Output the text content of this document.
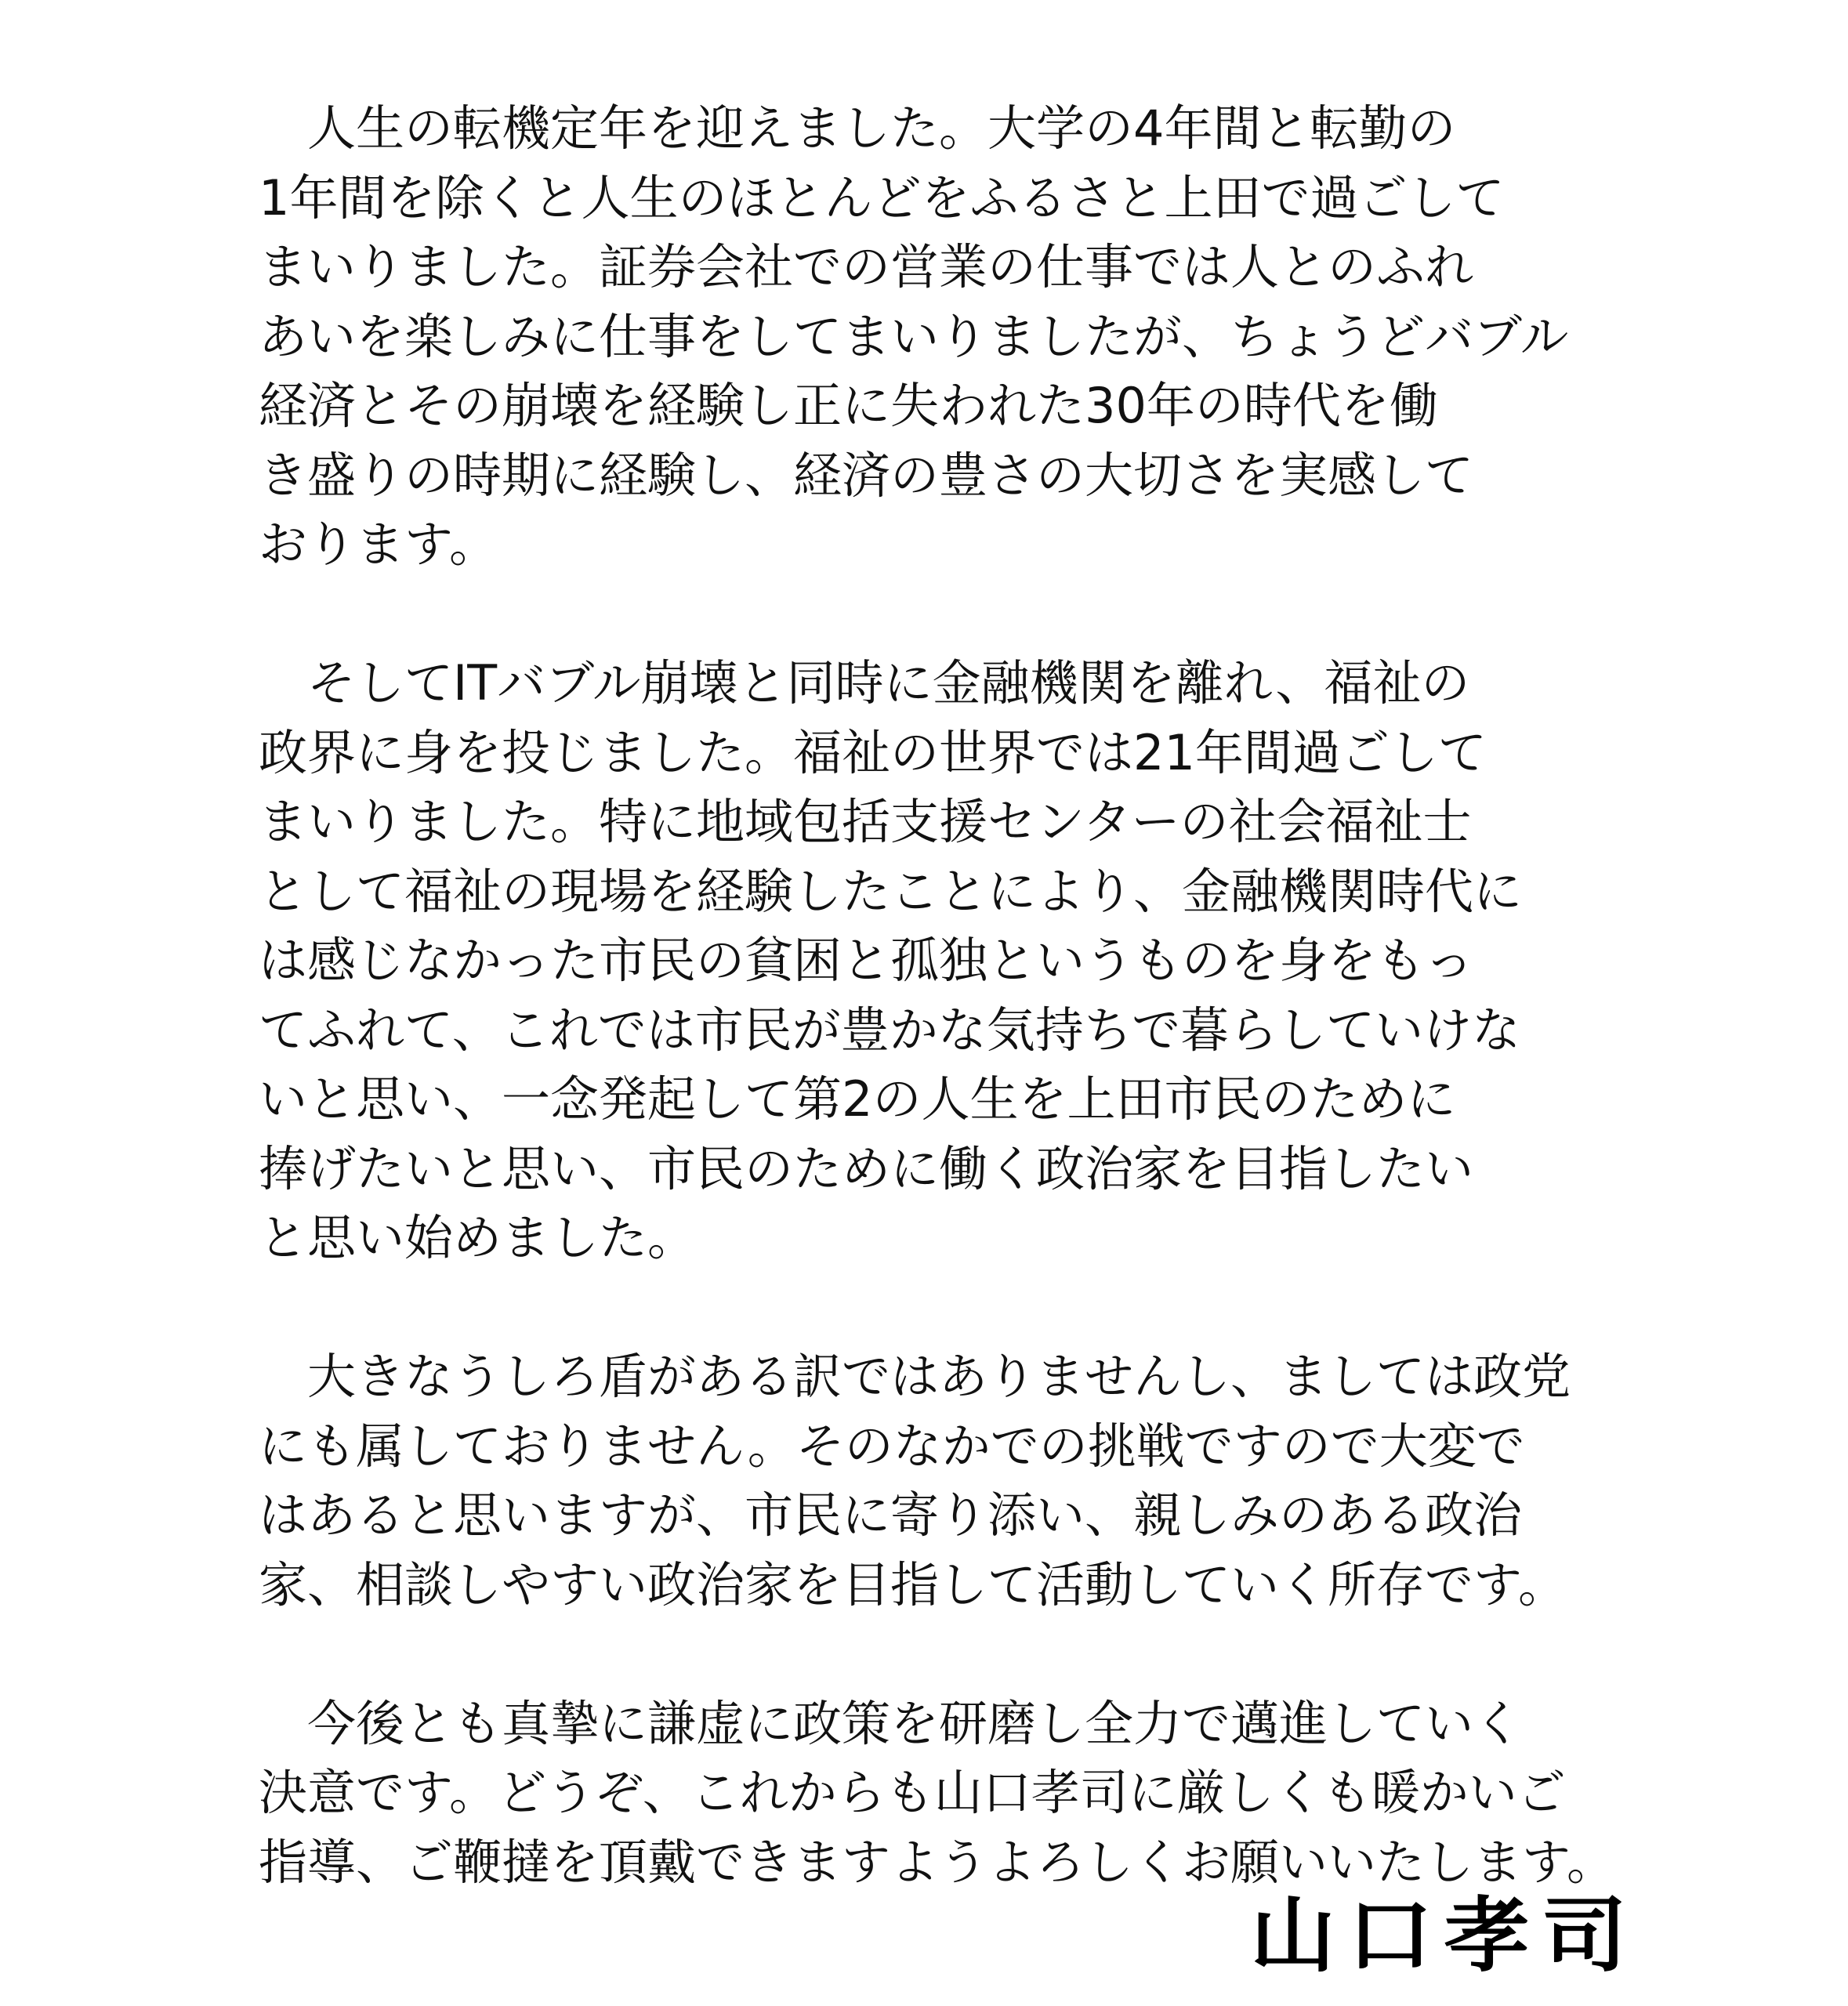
人生の転機定年を迎えました。大学の4年間と転勤の
1年間を除くと人生のほとんどをふるさと上田で過ごして
まいりました。証券会社での営業の仕事では人とのふれ
あいを楽しみに仕事をしてまいりましたが、ちょうどバブル
経済とその崩壊を経験し正に失われた30年の時代を働
き盛りの時期に経験し、経済の豊さの大切さを実感して
おります。
そしてITバブル崩壊と同時に金融機関を離れ、福祉の
政界に身を投じました。福祉の世界では21年間過ごして
まいりました。特に地域包括支援センターの社会福祉士
として福祉の現場を経験したことにより、金融機関時代に
は感じなかった市民の貧困と孤独というものを身をもっ
てふれて、これでは市民が豊かな気持ちで暮らしていけな
いと思い、一念発起して第2の人生を上田市民のために
捧げたいと思い、市民のために働く政治家を目指したい
と思い始めました。
大きなうしろ盾がある訳ではありませんし、ましては政党
にも属しておりません。そのなかでの挑戦ですので大変で
はあると思いますが、市民に寄り添い、親しみのある政治
家、相談しやすい政治家を目指して活動していく所存です。
今後とも真摯に謙虚に政策を研磨し全力で邁進していく
決意です。どうぞ、これからも山口孝司に厳しくも暖かいご
指導、ご鞭撻を頂戴できますようよろしくお願いいたします。
山口孝司
